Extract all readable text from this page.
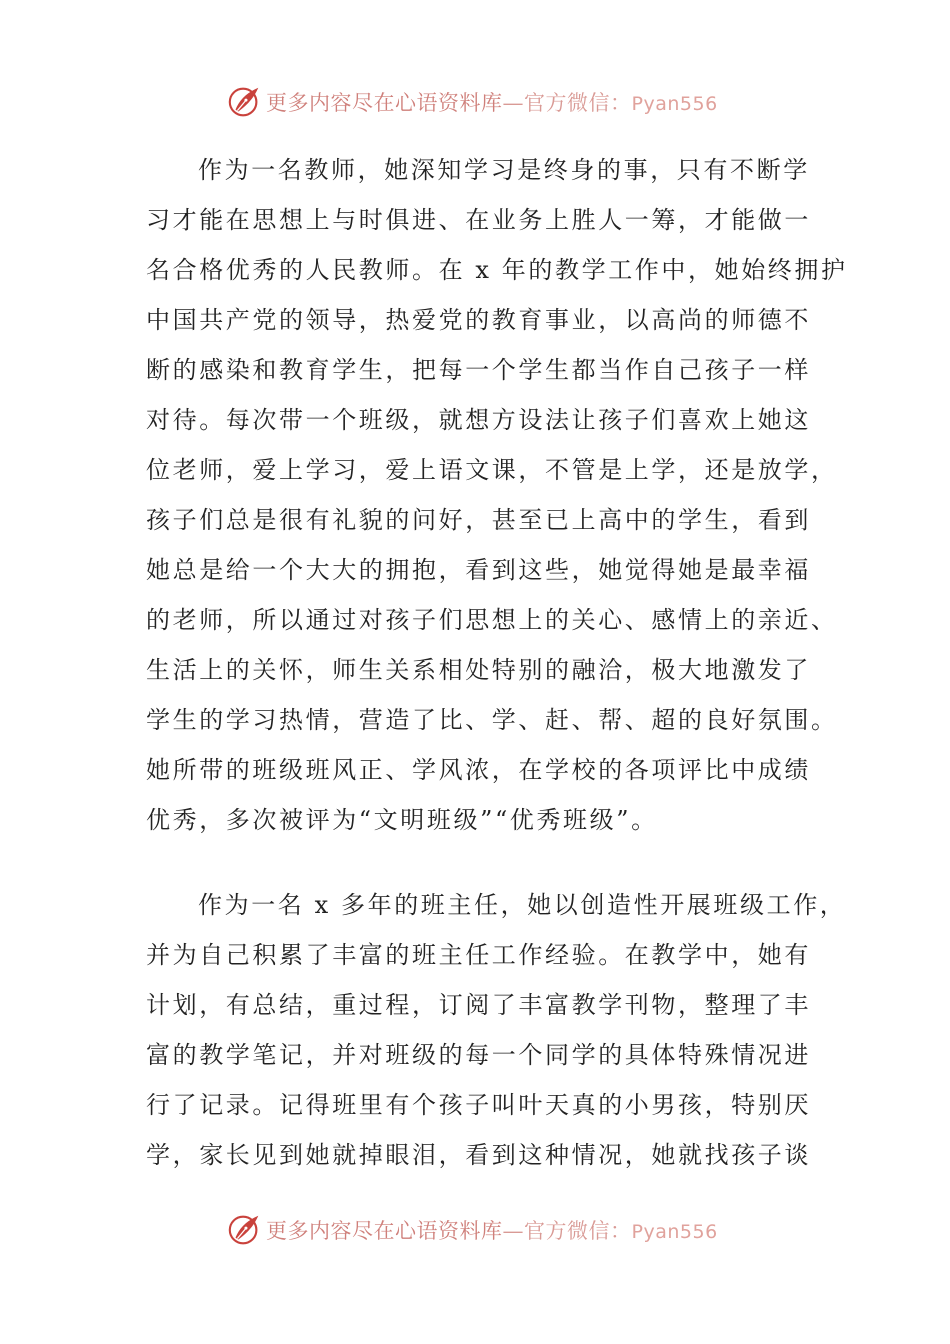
更多内容尽在心语资料库—官方微信：Pyan556
作为一名教师，她深知学习是终身的事，只有不断学
习才能在思想上与时俱进、在业务上胜人一筹，才能做一
名合格优秀的人民教师。在 x 年的教学工作中，她始终拥护
中国共产党的领导，热爱党的教育事业，以高尚的师德不
断的感染和教育学生，把每一个学生都当作自己孩子一样
对待。每次带一个班级，就想方设法让孩子们喜欢上她这
位老师，爱上学习，爱上语文课，不管是上学，还是放学，
孩子们总是很有礼貌的问好，甚至已上高中的学生，看到
她总是给一个大大的拥抱，看到这些，她觉得她是最幸福
的老师，所以通过对孩子们思想上的关心、感情上的亲近、
生活上的关怀，师生关系相处特别的融洽，极大地激发了
学生的学习热情，营造了比、学、赶、帮、超的良好氛围。
她所带的班级班风正、学风浓，在学校的各项评比中成绩
优秀，多次被评为“文明班级”“优秀班级”。
作为一名 x 多年的班主任，她以创造性开展班级工作，
并为自己积累了丰富的班主任工作经验。在教学中，她有
计划，有总结，重过程，订阅了丰富教学刊物，整理了丰
富的教学笔记，并对班级的每一个同学的具体特殊情况进
行了记录。记得班里有个孩子叫叶天真的小男孩，特别厌
学，家长见到她就掉眼泪，看到这种情况，她就找孩子谈
更多内容尽在心语资料库—官方微信：Pyan556
